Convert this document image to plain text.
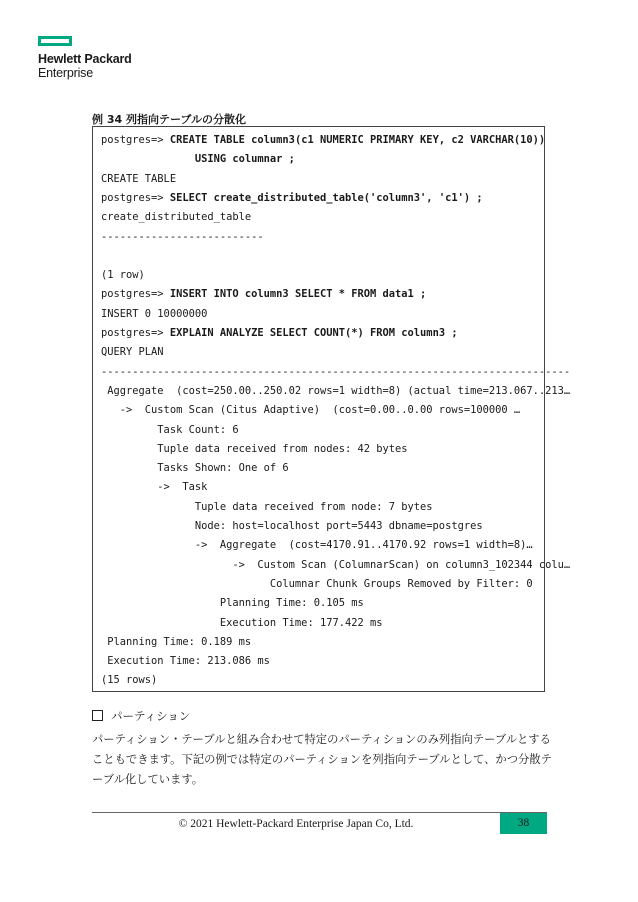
Hewlett Packard
Enterprise
例 34 列指向テーブルの分散化
postgres=> CREATE TABLE column3(c1 NUMERIC PRIMARY KEY, c2 VARCHAR(10))
USING columnar ;
CREATE TABLE
postgres=> SELECT create_distributed_table('column3', 'c1') ;
create_distributed_table
--------------------------
(1 row)
postgres=> INSERT INTO column3 SELECT * FROM data1 ;
INSERT 0 10000000
postgres=> EXPLAIN ANALYZE SELECT COUNT(*) FROM column3 ;
QUERY PLAN
---------------------------------------------------------------------------
Aggregate  (cost=250.00..250.02 rows=1 width=8) (actual time=213.067..213…
->  Custom Scan (Citus Adaptive)  (cost=0.00..0.00 rows=100000 …
Task Count: 6
Tuple data received from nodes: 42 bytes
Tasks Shown: One of 6
->  Task
Tuple data received from node: 7 bytes
Node: host=localhost port=5443 dbname=postgres
->  Aggregate  (cost=4170.91..4170.92 rows=1 width=8)…
->  Custom Scan (ColumnarScan) on column3_102344 colu…
Columnar Chunk Groups Removed by Filter: 0
Planning Time: 0.105 ms
Execution Time: 177.422 ms
Planning Time: 0.189 ms
Execution Time: 213.086 ms
(15 rows)
パーティション
パーティション・テーブルと組み合わせて特定のパーティションのみ列指向テーブルとすることもできます。下記の例では特定のパーティションを列指向テーブルとして、かつ分散テーブル化しています。
© 2021 Hewlett-Packard Enterprise Japan Co, Ltd.	38
